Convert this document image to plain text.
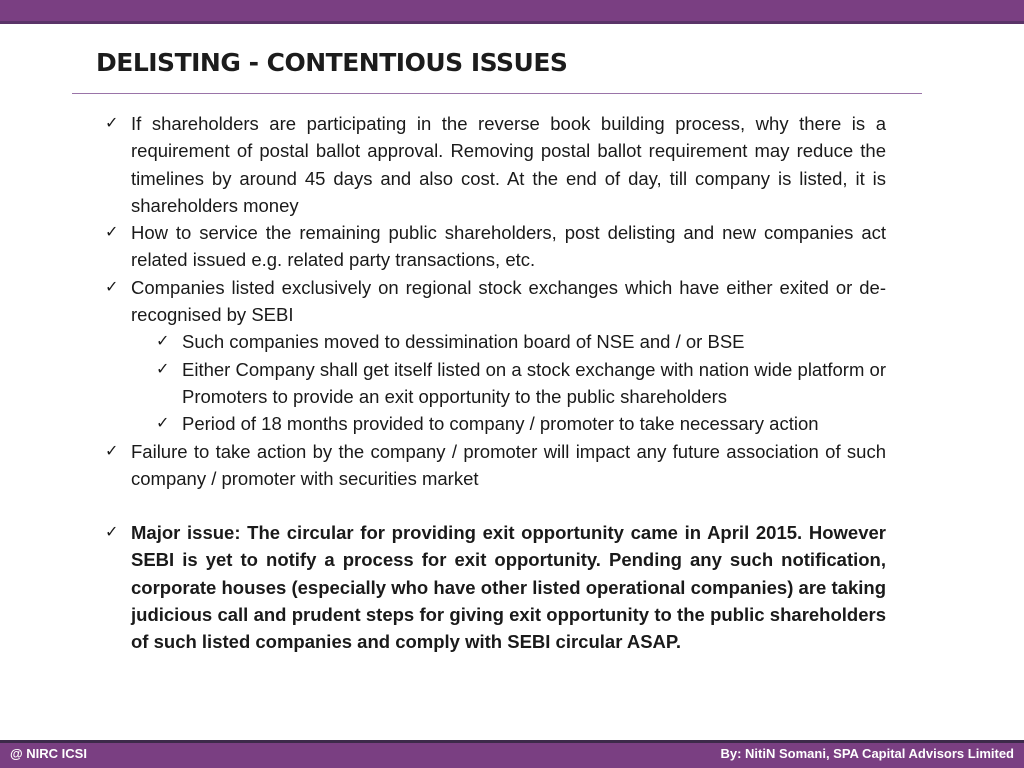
DELISTING - CONTENTIOUS ISSUES
✓ If shareholders are participating in the reverse book building process, why there is a requirement of postal ballot approval. Removing postal ballot requirement may reduce the timelines by around 45 days and also cost. At the end of day, till company is listed, it is shareholders money
✓ How to service the remaining public shareholders, post delisting and new companies act related issued e.g. related party transactions, etc.
✓ Companies listed exclusively on regional stock exchanges which have either exited or de-recognised by SEBI
✓ Such companies moved to dessimination board of NSE and / or BSE
✓ Either Company shall get itself listed on a stock exchange with nation wide platform or Promoters to provide an exit opportunity to the public shareholders
✓ Period of 18 months provided to company / promoter to take necessary action
✓ Failure to take action by the company / promoter will impact any future association of such company / promoter with securities market
✓ Major issue: The circular for providing exit opportunity came in April 2015. However SEBI is yet to notify a process for exit opportunity. Pending any such notification, corporate houses (especially who have other listed operational companies) are taking judicious call and prudent steps for giving exit opportunity to the public shareholders of such listed companies and comply with SEBI circular ASAP.
@ NIRC ICSI	By: NitiN Somani, SPA Capital Advisors Limited
